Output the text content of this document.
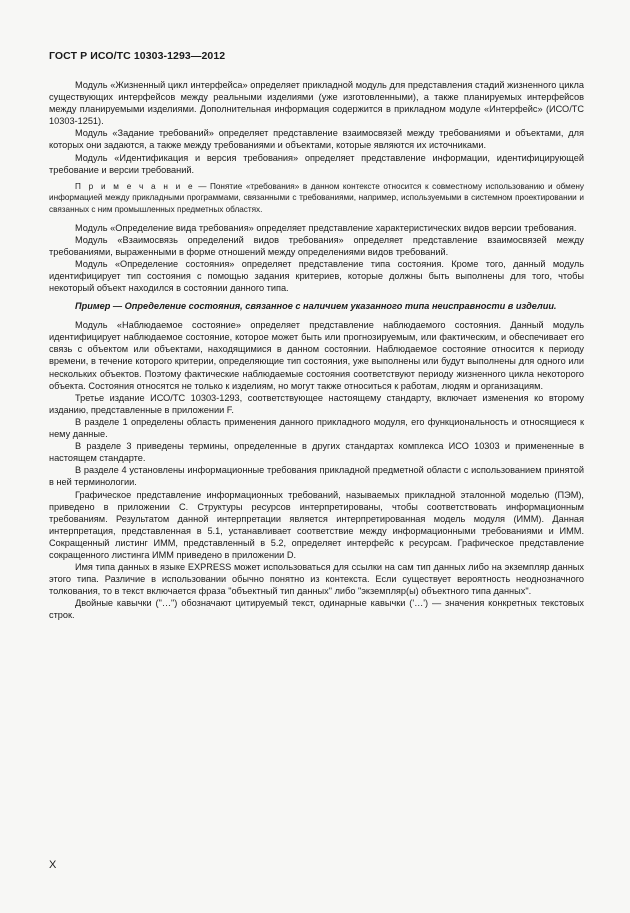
ГОСТ Р ИСО/ТС 10303-1293—2012

Модуль «Жизненный цикл интерфейса» определяет прикладной модуль для представления стадий жизненного цикла существующих интерфейсов между реальными изделиями (уже изготовленными), а также планируемых интерфейсов между планируемыми изделиями. Дополнительная информация содержится в прикладном модуле «Интерфейс» (ИСО/ТС 10303-1251).

Модуль «Задание требований» определяет представление взаимосвязей между требованиями и объектами, для которых они задаются, а также между требованиями и объектами, которые являются их источниками.

Модуль «Идентификация и версия требования» определяет представление информации, идентифицирующей требование и версии требований.

П р и м е ч а н и е — Понятие «требования» в данном контексте относится к совместному использованию и обмену информацией между прикладными программами, связанными с требованиями, например, используемыми в системном проектировании и связанных с ним промышленных предметных областях.

Модуль «Определение вида требования» определяет представление характеристических видов версии требования.

Модуль «Взаимосвязь определений видов требования» определяет представление взаимосвязей между требованиями, выраженными в форме отношений между определениями видов требований.

Модуль «Определение состояния» определяет представление типа состояния. Кроме того, данный модуль идентифицирует тип состояния с помощью задания критериев, которые должны быть выполнены для того, чтобы некоторый объект находился в состоянии данного типа.

Пример — Определение состояния, связанное с наличием указанного типа неисправности в изделии.

Модуль «Наблюдаемое состояние» определяет представление наблюдаемого состояния. Данный модуль идентифицирует наблюдаемое состояние, которое может быть или прогнозируемым, или фактическим, и обеспечивает его связь с объектом или объектами, находящимися в данном состоянии. Наблюдаемое состояние относится к периоду времени, в течение которого критерии, определяющие тип состояния, уже выполнены или будут выполнены для одного или нескольких объектов. Поэтому фактические наблюдаемые состояния соответствуют периоду жизненного цикла некоторого объекта. Состояния относятся не только к изделиям, но могут также относиться к работам, людям и организациям.

Третье издание ИСО/ТС 10303-1293, соответствующее настоящему стандарту, включает изменения ко второму изданию, представленные в приложении F.

В разделе 1 определены область применения данного прикладного модуля, его функциональность и относящиеся к нему данные.

В разделе 3 приведены термины, определенные в других стандартах комплекса ИСО 10303 и примененные в настоящем стандарте.

В разделе 4 установлены информационные требования прикладной предметной области с использованием принятой в ней терминологии.

Графическое представление информационных требований, называемых прикладной эталонной моделью (ПЭМ), приведено в приложении С. Структуры ресурсов интерпретированы, чтобы соответствовать информационным требованиям. Результатом данной интерпретации является интерпретированная модель модуля (ИММ). Данная интерпретация, представленная в 5.1, устанавливает соответствие между информационными требованиями и ИММ. Сокращенный листинг ИММ, представленный в 5.2, определяет интерфейс к ресурсам. Графическое представление сокращенного листинга ИММ приведено в приложении D.

Имя типа данных в языке EXPRESS может использоваться для ссылки на сам тип данных либо на экземпляр данных этого типа. Различие в использовании обычно понятно из контекста. Если существует вероятность неоднозначного толкования, то в текст включается фраза "объектный тип данных" либо "экземпляр(ы) объектного типа данных".

Двойные кавычки ("…") обозначают цитируемый текст, одинарные кавычки ('…') — значения конкретных текстовых строк.

X
